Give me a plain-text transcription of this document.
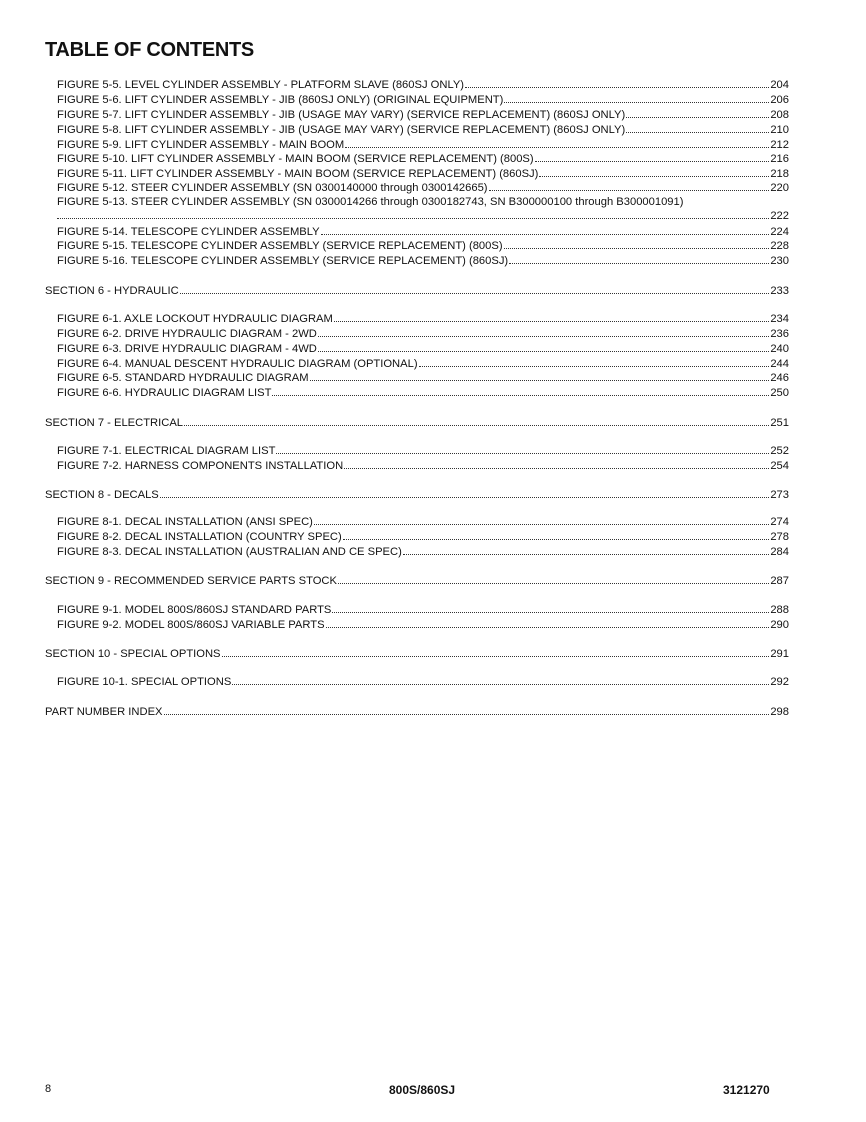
TABLE OF CONTENTS
FIGURE 5-5. LEVEL CYLINDER ASSEMBLY - PLATFORM SLAVE (860SJ ONLY)	204
FIGURE 5-6. LIFT CYLINDER ASSEMBLY - JIB (860SJ ONLY) (ORIGINAL EQUIPMENT)	206
FIGURE 5-7. LIFT CYLINDER ASSEMBLY - JIB (USAGE MAY VARY) (SERVICE REPLACEMENT) (860SJ ONLY)	208
FIGURE 5-8. LIFT CYLINDER ASSEMBLY - JIB (USAGE MAY VARY) (SERVICE REPLACEMENT) (860SJ ONLY)	210
FIGURE 5-9. LIFT CYLINDER ASSEMBLY - MAIN BOOM	212
FIGURE 5-10. LIFT CYLINDER ASSEMBLY - MAIN BOOM (SERVICE REPLACEMENT) (800S)	216
FIGURE 5-11. LIFT CYLINDER ASSEMBLY - MAIN BOOM (SERVICE REPLACEMENT) (860SJ)	218
FIGURE 5-12. STEER CYLINDER ASSEMBLY (SN 0300140000 through 0300142665)	220
FIGURE 5-13. STEER CYLINDER ASSEMBLY (SN 0300014266 through 0300182743, SN B300000100 through B300001091)
222
FIGURE 5-14. TELESCOPE CYLINDER ASSEMBLY	224
FIGURE 5-15. TELESCOPE CYLINDER ASSEMBLY (SERVICE REPLACEMENT) (800S)	228
FIGURE 5-16. TELESCOPE CYLINDER ASSEMBLY (SERVICE REPLACEMENT) (860SJ)	230
SECTION 6 - HYDRAULIC	233
FIGURE 6-1. AXLE LOCKOUT HYDRAULIC DIAGRAM	234
FIGURE 6-2. DRIVE HYDRAULIC DIAGRAM - 2WD	236
FIGURE 6-3. DRIVE HYDRAULIC DIAGRAM - 4WD	240
FIGURE 6-4. MANUAL DESCENT HYDRAULIC DIAGRAM (OPTIONAL)	244
FIGURE 6-5. STANDARD HYDRAULIC DIAGRAM	246
FIGURE 6-6. HYDRAULIC DIAGRAM LIST	250
SECTION 7 - ELECTRICAL	251
FIGURE 7-1. ELECTRICAL DIAGRAM LIST	252
FIGURE 7-2. HARNESS COMPONENTS INSTALLATION	254
SECTION 8 - DECALS	273
FIGURE 8-1. DECAL INSTALLATION (ANSI SPEC)	274
FIGURE 8-2. DECAL INSTALLATION (COUNTRY SPEC)	278
FIGURE 8-3. DECAL INSTALLATION (AUSTRALIAN AND CE SPEC)	284
SECTION 9 - RECOMMENDED SERVICE PARTS STOCK	287
FIGURE 9-1. MODEL 800S/860SJ STANDARD PARTS	288
FIGURE 9-2. MODEL 800S/860SJ VARIABLE PARTS	290
SECTION 10 - SPECIAL OPTIONS	291
FIGURE 10-1. SPECIAL OPTIONS	292
PART NUMBER INDEX	298
8	800S/860SJ	3121270
